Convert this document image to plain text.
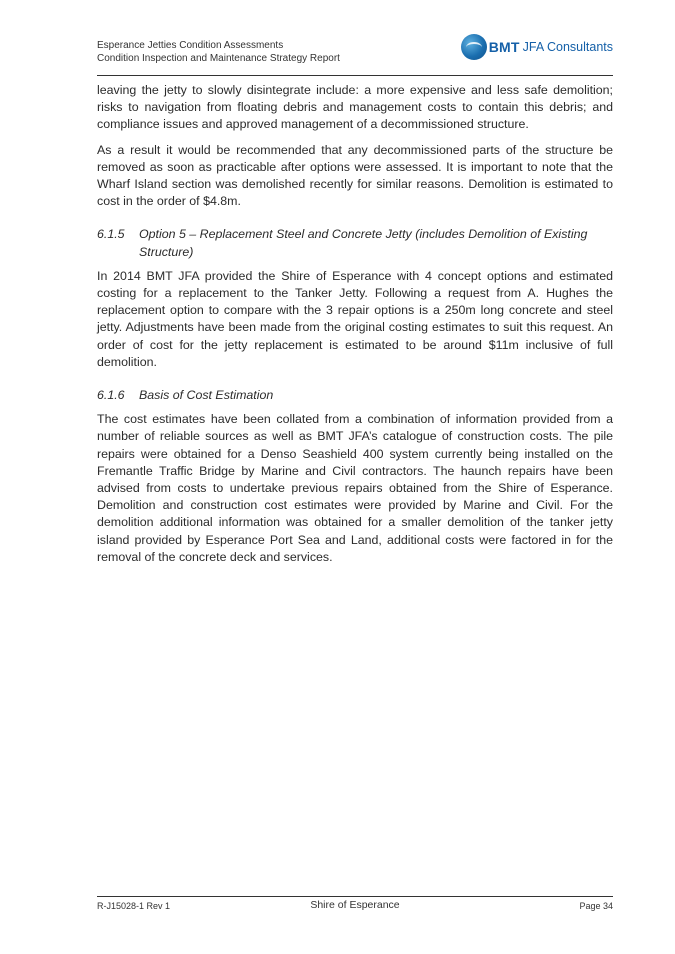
Esperance Jetties Condition Assessments
Condition Inspection and Maintenance Strategy Report
BMT JFA Consultants

leaving the jetty to slowly disintegrate include: a more expensive and less safe demolition; risks to navigation from floating debris and management costs to contain this debris; and compliance issues and approved management of a decommissioned structure.

As a result it would be recommended that any decommissioned parts of the structure be removed as soon as practicable after options were assessed. It is important to note that the Wharf Island section was demolished recently for similar reasons. Demolition is estimated to cost in the order of $4.8m.

6.1.5	Option 5 – Replacement Steel and Concrete Jetty (includes Demolition of Existing Structure)

In 2014 BMT JFA provided the Shire of Esperance with 4 concept options and estimated costing for a replacement to the Tanker Jetty. Following a request from A. Hughes the replacement option to compare with the 3 repair options is a 250m long concrete and steel jetty. Adjustments have been made from the original costing estimates to suit this request. An order of cost for the jetty replacement is estimated to be around $11m inclusive of full demolition.

6.1.6	Basis of Cost Estimation

The cost estimates have been collated from a combination of information provided from a number of reliable sources as well as BMT JFA’s catalogue of construction costs. The pile repairs were obtained for a Denso Seashield 400 system currently being installed on the Fremantle Traffic Bridge by Marine and Civil contractors. The haunch repairs have been advised from costs to undertake previous repairs obtained from the Shire of Esperance. Demolition and construction cost estimates were provided by Marine and Civil. For the demolition additional information was obtained for a smaller demolition of the tanker jetty island provided by Esperance Port Sea and Land, additional costs were factored in for the removal of the concrete deck and services.

R-J15028-1 Rev 1	Shire of Esperance	Page 34
